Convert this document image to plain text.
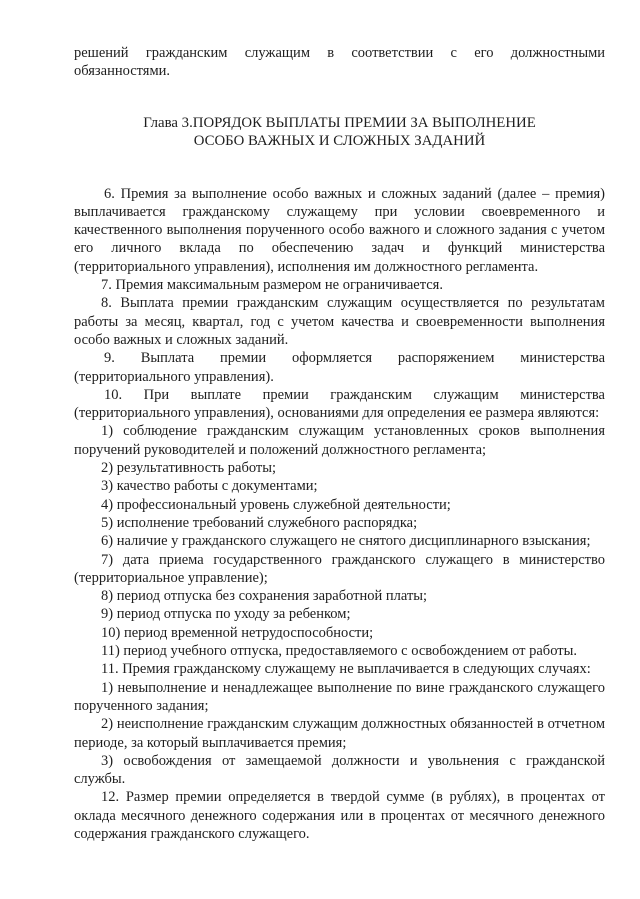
решений гражданским служащим в соответствии с его должностными обязанностями.

Глава 3.ПОРЯДОК ВЫПЛАТЫ ПРЕМИИ ЗА ВЫПОЛНЕНИЕ
ОСОБО ВАЖНЫХ И СЛОЖНЫХ ЗАДАНИЙ

6. Премия за выполнение особо важных и сложных заданий (далее – премия) выплачивается гражданскому служащему при условии своевременного и качественного выполнения порученного особо важного и сложного задания с учетом его личного вклада по обеспечению задач и функций министерства (территориального управления), исполнения им должностного регламента.

7. Премия максимальным размером не ограничивается.

8. Выплата премии гражданским служащим осуществляется по результатам работы за месяц, квартал, год с учетом качества и своевременности выполнения особо важных и сложных заданий.

9. Выплата премии оформляется распоряжением министерства (территориального управления).

10. При выплате премии гражданским служащим министерства (территориального управления), основаниями для определения ее размера являются:

1) соблюдение гражданским служащим установленных сроков выполнения поручений руководителей и положений должностного регламента;

2) результативность работы;

3) качество работы с документами;

4) профессиональный уровень служебной деятельности;

5) исполнение требований служебного распорядка;

6) наличие у гражданского служащего не снятого дисциплинарного взыскания;

7) дата приема государственного гражданского служащего в министерство (территориальное управление);

8) период отпуска без сохранения заработной платы;

9) период отпуска по уходу за ребенком;

10) период временной нетрудоспособности;

11) период учебного отпуска, предоставляемого с освобождением от работы.

11. Премия гражданскому служащему не выплачивается в следующих случаях:

1) невыполнение и ненадлежащее выполнение по вине гражданского служащего порученного задания;

2) неисполнение гражданским служащим должностных обязанностей в отчетном периоде, за который выплачивается премия;

3) освобождения от замещаемой должности и увольнения с гражданской службы.

12. Размер премии определяется в твердой сумме (в рублях), в процентах от оклада месячного денежного содержания или в процентах от месячного денежного содержания гражданского служащего.
